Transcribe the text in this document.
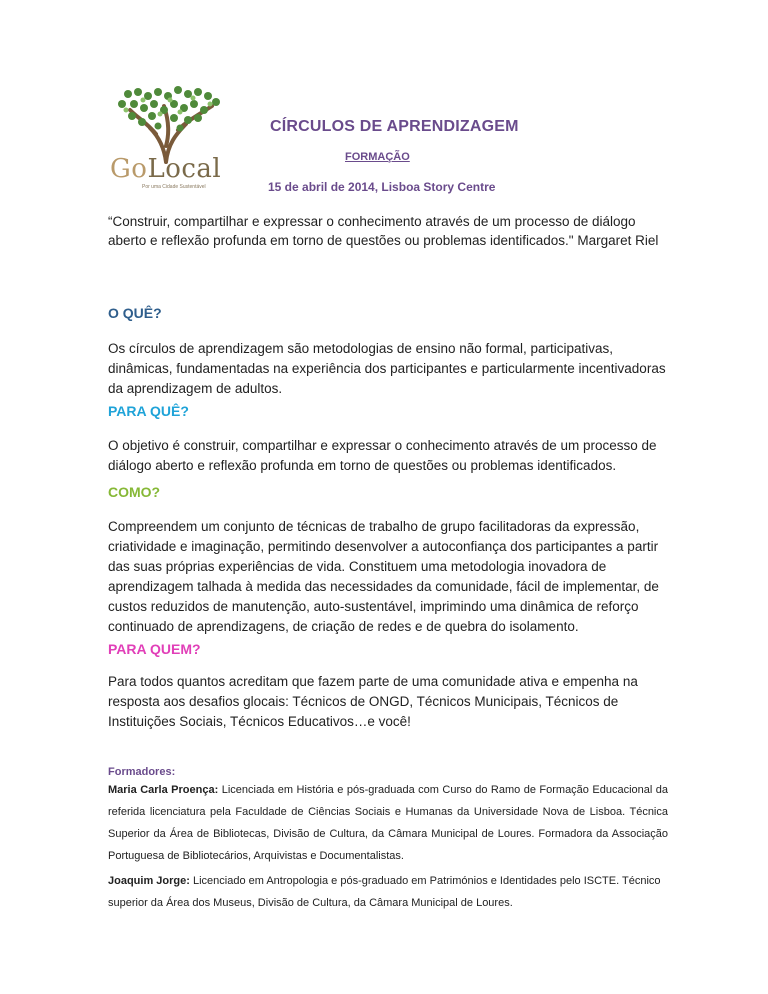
GoLocal
Por uma Cidade Sustentável
CÍRCULOS DE APRENDIZAGEM
FORMAÇÃO
15 de abril de 2014, Lisboa Story Centre
“Construir, compartilhar e expressar o conhecimento através de um processo de diálogo aberto e reflexão profunda em torno de questões ou problemas identificados." Margaret Riel
O QUÊ?
Os círculos de aprendizagem são metodologias de ensino não formal, participativas, dinâmicas, fundamentadas na experiência dos participantes e particularmente incentivadoras da aprendizagem de adultos.
PARA QUÊ?
O objetivo é construir, compartilhar e expressar o conhecimento através de um processo de diálogo aberto e reflexão profunda em torno de questões ou problemas identificados.
COMO?
Compreendem um conjunto de técnicas de trabalho de grupo facilitadoras da expressão, criatividade e imaginação, permitindo desenvolver a autoconfiança dos participantes a partir das suas próprias experiências de vida. Constituem uma metodologia inovadora de aprendizagem talhada à medida das necessidades da comunidade, fácil de implementar, de custos reduzidos de manutenção, auto-sustentável, imprimindo uma dinâmica de reforço continuado de aprendizagens, de criação de redes e de quebra do isolamento.
PARA QUEM?
Para todos quantos acreditam que fazem parte de uma comunidade ativa e empenha na resposta aos desafios glocais: Técnicos de ONGD, Técnicos Municipais, Técnicos de Instituições Sociais, Técnicos Educativos…e você!
Formadores:
Maria Carla Proença: Licenciada em História e pós-graduada com Curso do Ramo de Formação Educacional da referida licenciatura pela Faculdade de Ciências Sociais e Humanas da Universidade Nova de Lisboa. Técnica Superior da Área de Bibliotecas, Divisão de Cultura, da Câmara Municipal de Loures. Formadora da Associação Portuguesa de Bibliotecários, Arquivistas e Documentalistas.
Joaquim Jorge: Licenciado em Antropologia e pós-graduado em Patrimónios e Identidades pelo ISCTE. Técnico superior da Área dos Museus, Divisão de Cultura, da Câmara Municipal de Loures.
